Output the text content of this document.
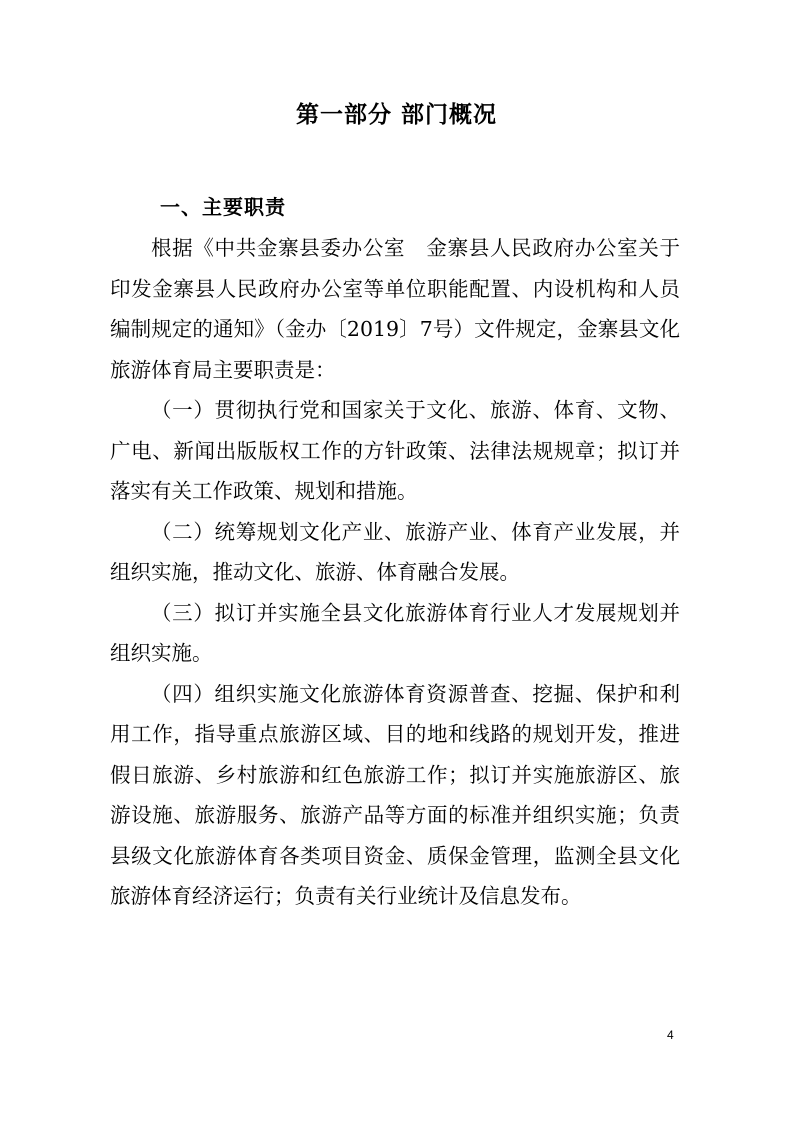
第一部分 部门概况
一、主要职责

根据《中共金寨县委办公室　金寨县人民政府办公室关于印发金寨县人民政府办公室等单位职能配置、内设机构和人员编制规定的通知》（金办〔2019〕7号）文件规定，金寨县文化旅游体育局主要职责是：

（一）贯彻执行党和国家关于文化、旅游、体育、文物、广电、新闻出版版权工作的方针政策、法律法规规章；拟订并落实有关工作政策、规划和措施。

（二）统筹规划文化产业、旅游产业、体育产业发展，并组织实施，推动文化、旅游、体育融合发展。

（三）拟订并实施全县文化旅游体育行业人才发展规划并组织实施。

（四）组织实施文化旅游体育资源普查、挖掘、保护和利用工作，指导重点旅游区域、目的地和线路的规划开发，推进假日旅游、乡村旅游和红色旅游工作；拟订并实施旅游区、旅游设施、旅游服务、旅游产品等方面的标准并组织实施；负责县级文化旅游体育各类项目资金、质保金管理，监测全县文化旅游体育经济运行；负责有关行业统计及信息发布。

4
